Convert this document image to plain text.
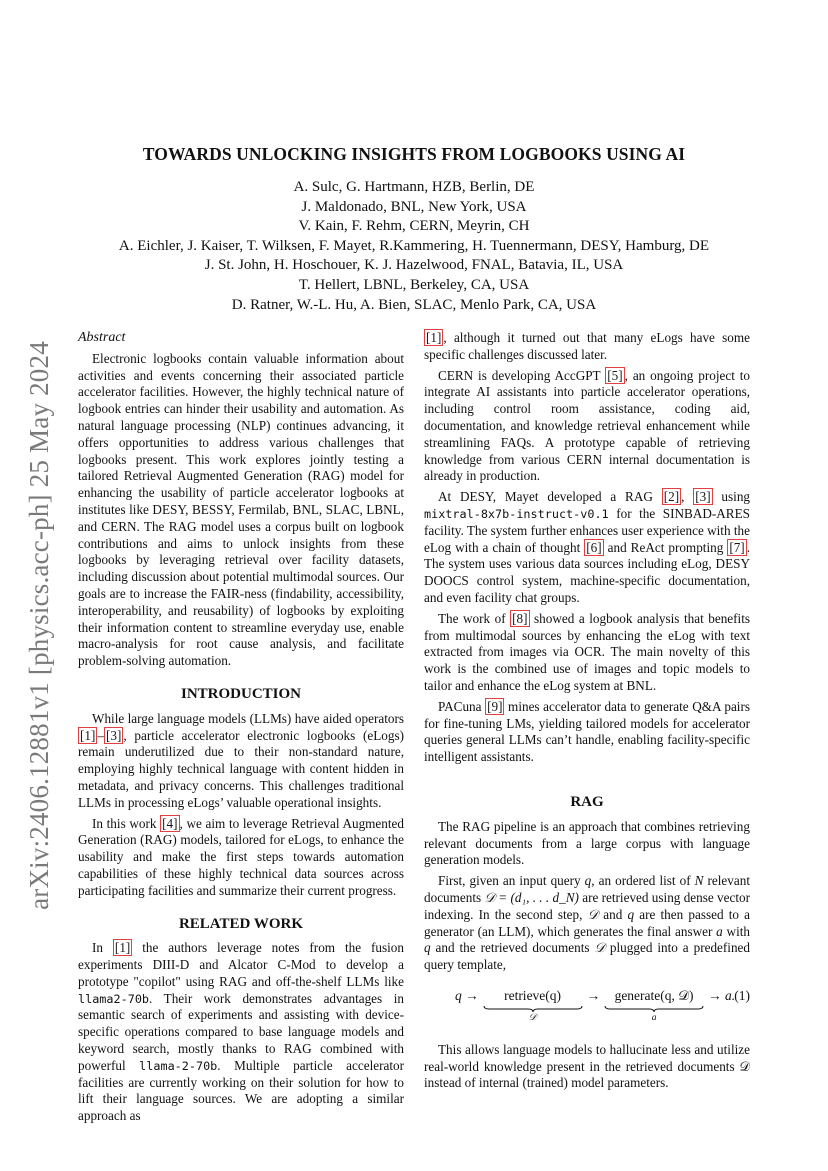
arXiv:2406.12881v1 [physics.acc-ph] 25 May 2024
TOWARDS UNLOCKING INSIGHTS FROM LOGBOOKS USING AI
A. Sulc, G. Hartmann, HZB, Berlin, DE
J. Maldonado, BNL, New York, USA
V. Kain, F. Rehm, CERN, Meyrin, CH
A. Eichler, J. Kaiser, T. Wilksen, F. Mayet, R.Kammering, H. Tuennermann, DESY, Hamburg, DE
J. St. John, H. Hoschouer, K. J. Hazelwood, FNAL, Batavia, IL, USA
T. Hellert, LBNL, Berkeley, CA, USA
D. Ratner, W.-L. Hu, A. Bien, SLAC, Menlo Park, CA, USA
Abstract

Electronic logbooks contain valuable information about activities and events concerning their associated particle accelerator facilities. However, the highly technical nature of logbook entries can hinder their usability and automation. As natural language processing (NLP) continues advancing, it offers opportunities to address various challenges that logbooks present. This work explores jointly testing a tailored Retrieval Augmented Generation (RAG) model for enhancing the usability of particle accelerator logbooks at institutes like DESY, BESSY, Fermilab, BNL, SLAC, LBNL, and CERN. The RAG model uses a corpus built on logbook contributions and aims to unlock insights from these logbooks by leveraging retrieval over facility datasets, including discussion about potential multimodal sources. Our goals are to increase the FAIR-ness (findability, accessibility, interoperability, and reusability) of logbooks by exploiting their information content to streamline everyday use, enable macro-analysis for root cause analysis, and facilitate problem-solving automation.

INTRODUCTION

While large language models (LLMs) have aided operators [1] – [3] , particle accelerator electronic logbooks (eLogs) remain underutilized due to their non-standard nature, employing highly technical language with content hidden in metadata, and privacy concerns. This challenges traditional LLMs in processing eLogs’ valuable operational insights.

In this work [4] , we aim to leverage Retrieval Augmented Generation (RAG) models, tailored for eLogs, to enhance the usability and make the first steps towards automation capabilities of these highly technical data sources across participating facilities and summarize their current progress.

RELATED WORK

In [1] the authors leverage notes from the fusion experiments DIII-D and Alcator C-Mod to develop a prototype "copilot" using RAG and off-the-shelf LLMs like llama2-70b. Their work demonstrates advantages in semantic search of experiments and assisting with device-specific operations compared to base language models and keyword search, mostly thanks to RAG combined with powerful llama-2-70b. Multiple particle accelerator facilities are currently working on their solution for how to lift their language sources. We are adopting a similar approach as

[1] , although it turned out that many eLogs have some specific challenges discussed later.

CERN is developing AccGPT [5] , an ongoing project to integrate AI assistants into particle accelerator operations, including control room assistance, coding aid, documentation, and knowledge retrieval enhancement while streamlining FAQs. A prototype capable of retrieving knowledge from various CERN internal documentation is already in production.

At DESY, Mayet developed a RAG [2] , [3] using mixtral-8x7b-instruct-v0.1 for the SINBAD-ARES facility. The system further enhances user experience with the eLog with a chain of thought [6] and ReAct prompting [7] . The system uses various data sources including eLog, DESY DOOCS control system, machine-specific documentation, and even facility chat groups.

The work of [8] showed a logbook analysis that benefits from multimodal sources by enhancing the eLog with text extracted from images via OCR. The main novelty of this work is the combined use of images and topic models to tailor and enhance the eLog system at BNL.

PACuna [9] mines accelerator data to generate Q&A pairs for fine-tuning LMs, yielding tailored models for accelerator queries general LLMs can’t handle, enabling facility-specific intelligent assistants.

RAG

The RAG pipeline is an approach that combines retrieving relevant documents from a large corpus with language generation models.

First, given an input query q, an ordered list of N relevant documents 𝒟 = (d₁, . . . d_N) are retrieved using dense vector indexing. In the second step, 𝒟 and q are then passed to a generator (an LLM), which generates the final answer a with q and the retrieved documents 𝒟 plugged into a predefined query template,

q → retrieve(q)
𝒟
→ generate(q, 𝒟)
a
→ a. (1)

This allows language models to hallucinate less and utilize real-world knowledge present in the retrieved documents 𝒟 instead of internal (trained) model parameters.
